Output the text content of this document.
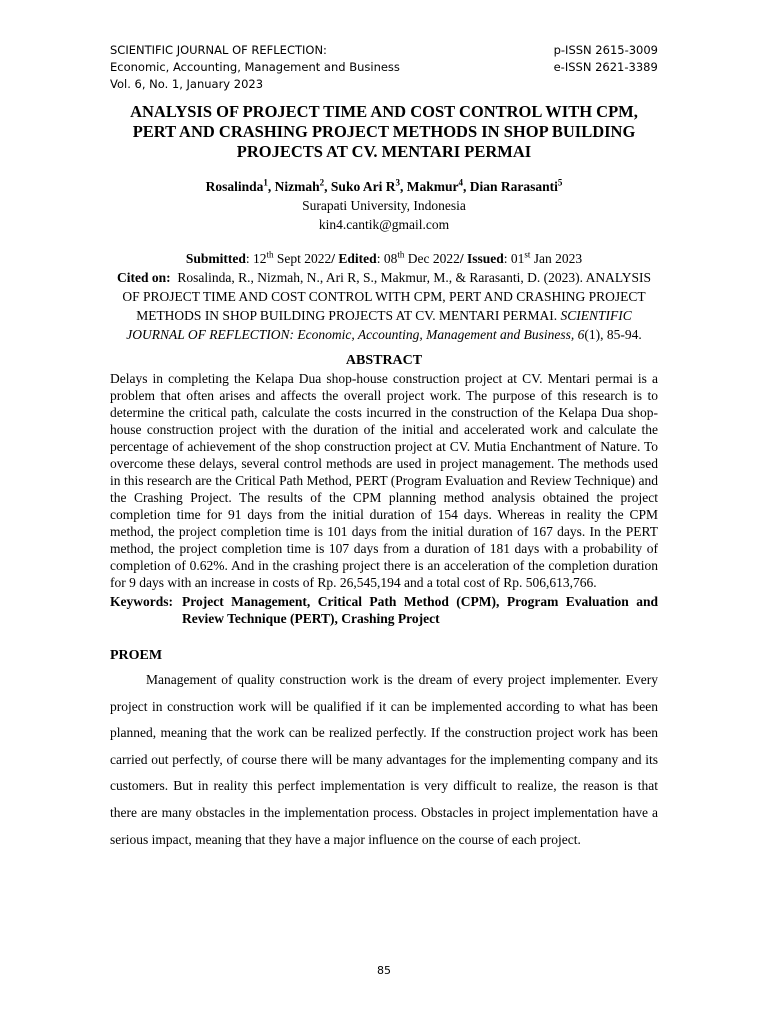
SCIENTIFIC JOURNAL OF REFLECTION:
Economic, Accounting, Management and Business
Vol. 6, No. 1, January 2023
p-ISSN 2615-3009
e-ISSN 2621-3389
ANALYSIS OF PROJECT TIME AND COST CONTROL WITH CPM, PERT AND CRASHING PROJECT METHODS IN SHOP BUILDING PROJECTS AT CV. MENTARI PERMAI
Rosalinda$^1$, Nizmah$^2$, Suko Ari $R^3$, Makmur$^4$, Dian Rarasanti$^5$
Surapati University, Indonesia
kin4.cantik@gmail.com
Submitted: 12th Sept 2022/ Edited: 08th Dec 2022/ Issued: 01st Jan 2023
Cited on: Rosalinda, R., Nizmah, N., Ari R, S., Makmur, M., & Rarasanti, D. (2023). ANALYSIS OF PROJECT TIME AND COST CONTROL WITH CPM, PERT AND CRASHING PROJECT METHODS IN SHOP BUILDING PROJECTS AT CV. MENTARI PERMAI. SCIENTIFIC JOURNAL OF REFLECTION: Economic, Accounting, Management and Business, 6(1), 85-94.
ABSTRACT
Delays in completing the Kelapa Dua shop-house construction project at CV. Mentari permai is a problem that often arises and affects the overall project work. The purpose of this research is to determine the critical path, calculate the costs incurred in the construction of the Kelapa Dua shop-house construction project with the duration of the initial and accelerated work and calculate the percentage of achievement of the shop construction project at CV. Mutia Enchantment of Nature. To overcome these delays, several control methods are used in project management. The methods used in this research are the Critical Path Method, PERT (Program Evaluation and Review Technique) and the Crashing Project. The results of the CPM planning method analysis obtained the project completion time for 91 days from the initial duration of 154 days. Whereas in reality the CPM method, the project completion time is 101 days from the initial duration of 167 days. In the PERT method, the project completion time is 107 days from a duration of 181 days with a probability of completion of 0.62%. And in the crashing project there is an acceleration of the completion duration for 9 days with an increase in costs of Rp. 26,545,194 and a total cost of Rp. 506,613,766.
Keywords: Project Management, Critical Path Method (CPM), Program Evaluation and Review Technique (PERT), Crashing Project
PROEM
Management of quality construction work is the dream of every project implementer. Every project in construction work will be qualified if it can be implemented according to what has been planned, meaning that the work can be realized perfectly. If the construction project work has been carried out perfectly, of course there will be many advantages for the implementing company and its customers. But in reality this perfect implementation is very difficult to realize, the reason is that there are many obstacles in the implementation process. Obstacles in project implementation have a serious impact, meaning that they have a major influence on the course of each project.
85
